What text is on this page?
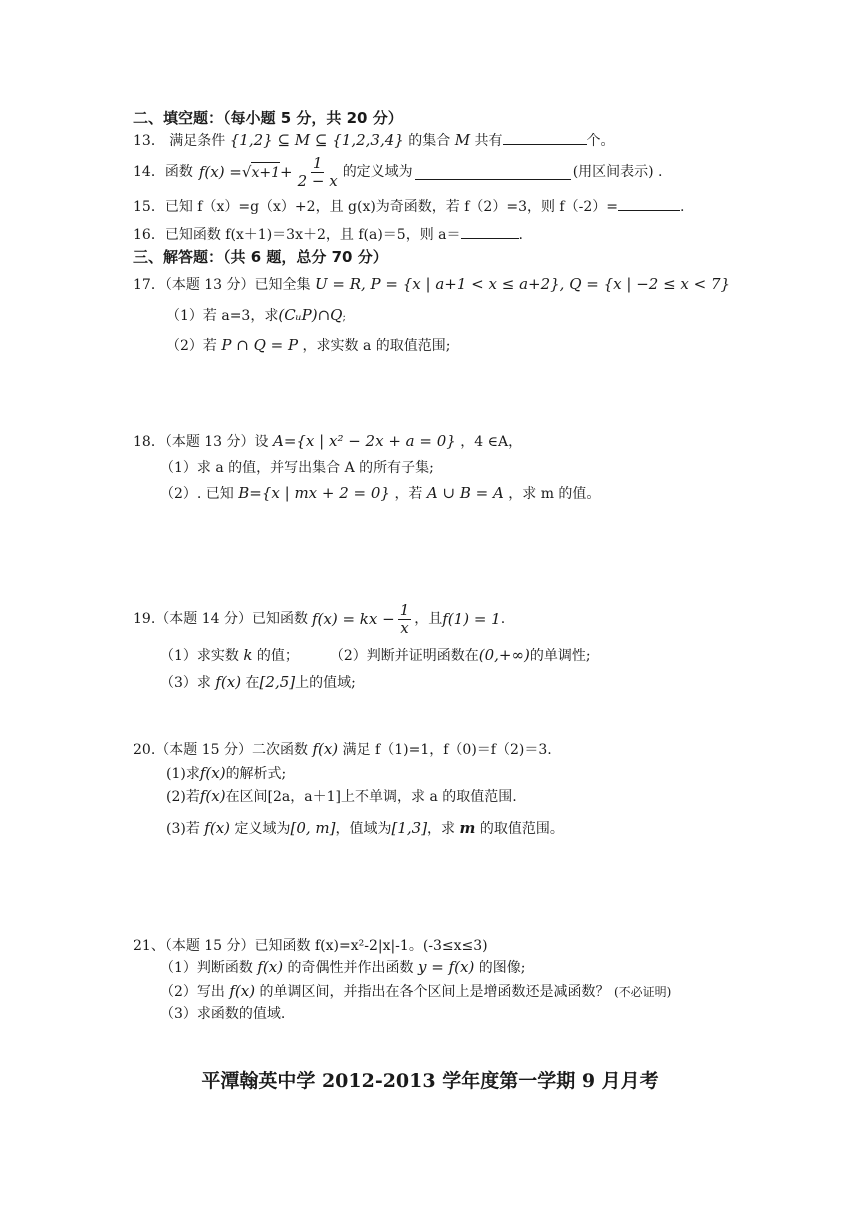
二、填空题：（每小题 5 分，共 20 分）
13． 满足条件 {1,2} ⊆ M ⊆ {1,2,3,4} 的集合 M 共有	个。
14． 函数 f(x) = √ $x+1 + \frac{1}{2 - x}$ 的定义域为	(用区间表示) .
15．已知 f（x）=g（x）+2，且 g(x)为奇函数，若 f（2）=3，则 f（-2）=	.
16．已知函数 f(x＋1)＝3x＋2，且 f(a)＝5，则 a＝	.
三、解答题：（共 6 题，总分 70 分）
17．（本题 13 分）已知全集 U = R, P = {x | a+1 < x ≤ a+2}, Q = {x | −2 ≤ x < 7}
（1）若 a=3，求(CᵤP)∩Q;
（2）若 P ∩ Q = P ，求实数 a 的取值范围;
18．（本题 13 分）设 A={x | x² − 2x + a = 0} ，4 ∈A，
（1）求 a 的值，并写出集合 A 的所有子集;
（2）. 已知 B={x | mx + 2 = 0} ，若 A ∪ B = A ，求 m 的值。
19.（本题 14 分）已知函数 f(x) = kx − $\frac{1}{x}$ ，且 f(1) = 1 .
（1）求实数 k 的值； （2）判断并证明函数在(0,+∞)的单调性;
（3）求 f(x) 在[2,5]上的值域;
20.（本题 15 分）二次函数 f(x) 满足 f（1)=1，f（0)＝f（2)＝3.
(1)求f(x)的解析式;
(2)若f(x)在区间[2a，a＋1]上不单调，求 a 的取值范围.
(3)若 f(x) 定义域为[0, m]，值域为[1,3]，求 m 的取值范围。
21、（本题 15 分）已知函数 f(x)=x²-2|x|-1。(-3≤x≤3)
（1）判断函数 f(x) 的奇偶性并作出函数 y = f(x) 的图像;
（2）写出 f(x) 的单调区间，并指出在各个区间上是增函数还是减函数？ (不必证明)
（3）求函数的值域.
平潭翰英中学 2012-2013 学年度第一学期 9 月月考
